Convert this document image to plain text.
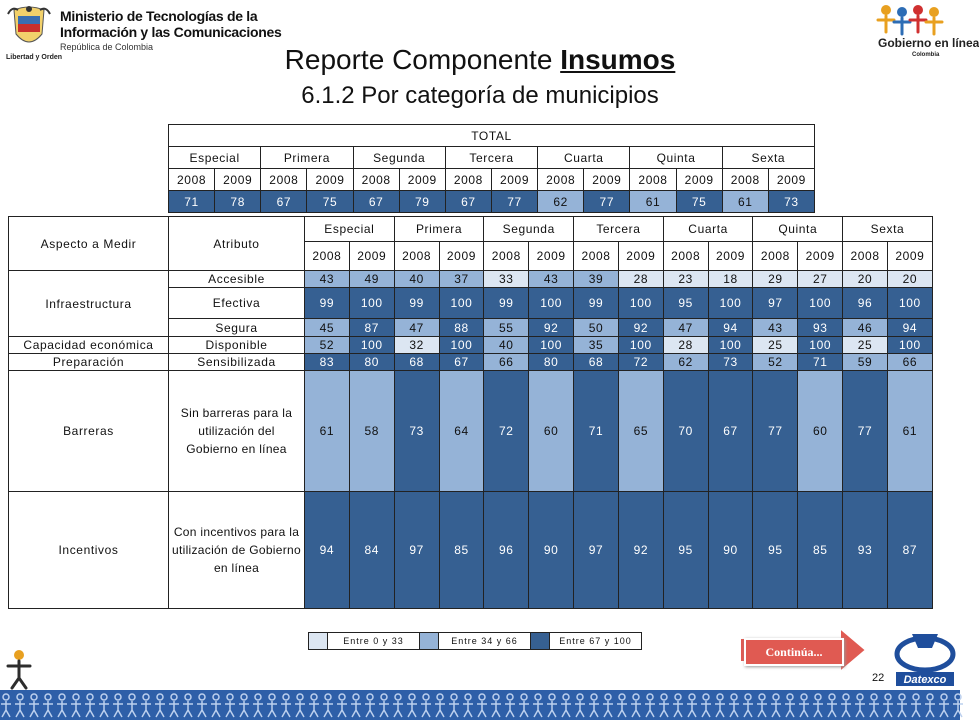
Libertad y Orden
Ministerio de Tecnologías de la
Información y las Comunicaciones
República de Colombia	Gobierno en línea
Colombia
Reporte Componente Insumos
6.1.2 Por categoría de municipios
TOTAL													
Especial		Primera		Segunda		Tercera		Cuarta		Quinta		Sexta	
2008	2009	2008	2009	2008	2009	2008	2009	2008	2009	2008	2009	2008	2009
71	78	67	75	67	79	67	77	62	77	61	75	61	73
Aspecto a Medir	Atributo	Especial		Primera		Segunda		Tercera		Cuarta		Quinta		Sexta	
		2008	2009	2008	2009	2008	2009	2008	2009	2008	2009	2008	2009	2008	2009
Infraestructura	Accesible	43	49	40	37	33	43	39	28	23	18	29	27	20	20
	Efectiva	99	100	99	100	99	100	99	100	95	100	97	100	96	100
	Segura	45	87	47	88	55	92	50	92	47	94	43	93	46	94
Capacidad económica	Disponible	52	100	32	100	40	100	35	100	28	100	25	100	25	100
Preparación	Sensibilizada	83	80	68	67	66	80	68	72	62	73	52	71	59	66
Barreras	Sin barreras para la utilización del Gobierno en línea	61	58	73	64	72	60	71	65	70	67	77	60	77	61
Incentivos	Con incentivos para la utilización de Gobierno en línea	94	84	97	85	96	90	97	92	95	90	95	85	93	87
	Entre 0 y 33		Entre 34 y 66		Entre 67 y 100
Continúa...
Datexco
22
